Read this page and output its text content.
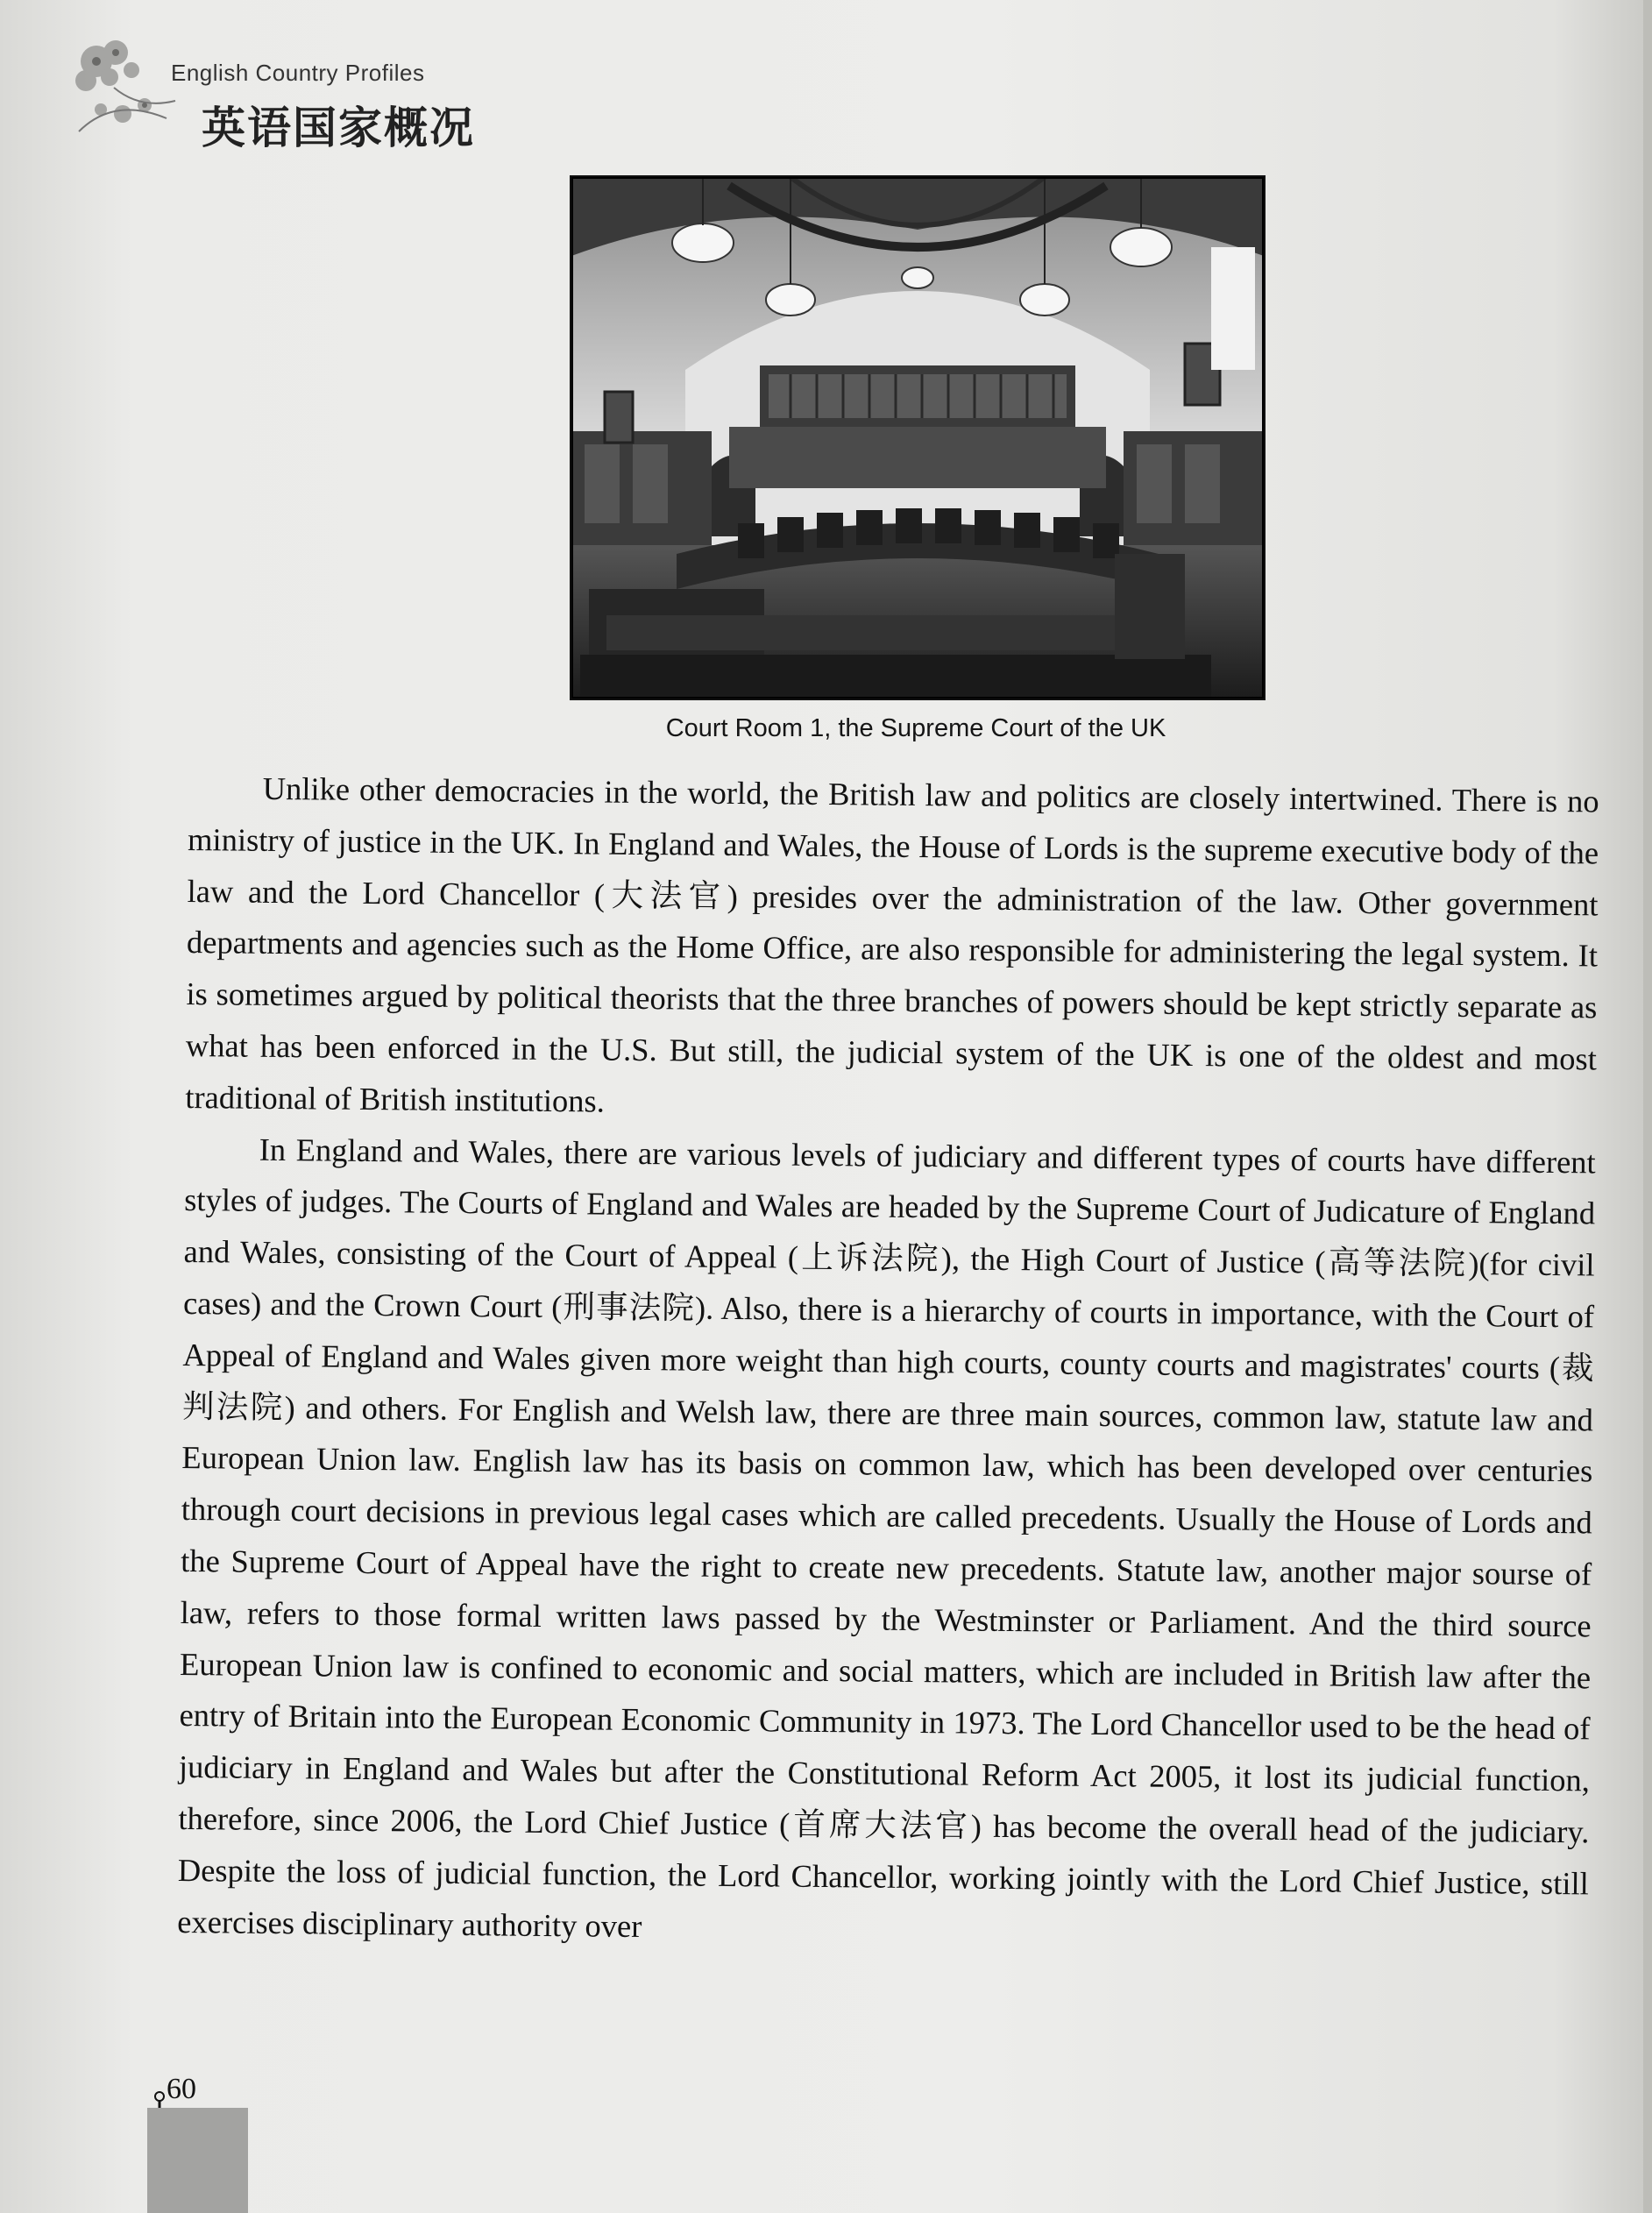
English Country Profiles
英语国家概况
Court Room 1, the Supreme Court of the UK

Unlike other democracies in the world, the British law and politics are closely intertwined. There is no ministry of justice in the UK. In England and Wales, the House of Lords is the supreme executive body of the law and the Lord Chancellor (大法官) presides over the administration of the law. Other government departments and agencies such as the Home Office, are also responsible for administering the legal system. It is sometimes argued by political theorists that the three branches of powers should be kept strictly separate as what has been enforced in the U.S. But still, the judicial system of the UK is one of the oldest and most traditional of British institutions.

In England and Wales, there are various levels of judiciary and different types of courts have different styles of judges. The Courts of England and Wales are headed by the Supreme Court of Judicature of England and Wales, consisting of the Court of Appeal (上诉法院), the High Court of Justice (高等法院)(for civil cases) and the Crown Court (刑事法院). Also, there is a hierarchy of courts in importance, with the Court of Appeal of England and Wales given more weight than high courts, county courts and magistrates' courts (裁判法院) and others. For English and Welsh law, there are three main sources, common law, statute law and European Union law. English law has its basis on common law, which has been developed over centuries through court decisions in previous legal cases which are called precedents. Usually the House of Lords and the Supreme Court of Appeal have the right to create new precedents. Statute law, another major sourse of law, refers to those formal written laws passed by the Westminster or Parliament. And the third source European Union law is confined to economic and social matters, which are included in British law after the entry of Britain into the European Economic Community in 1973. The Lord Chancellor used to be the head of judiciary in England and Wales but after the Constitutional Reform Act 2005, it lost its judicial function, therefore, since 2006, the Lord Chief Justice (首席大法官) has become the overall head of the judiciary. Despite the loss of judicial function, the Lord Chancellor, working jointly with the Lord Chief Justice, still exercises disciplinary authority over

60
